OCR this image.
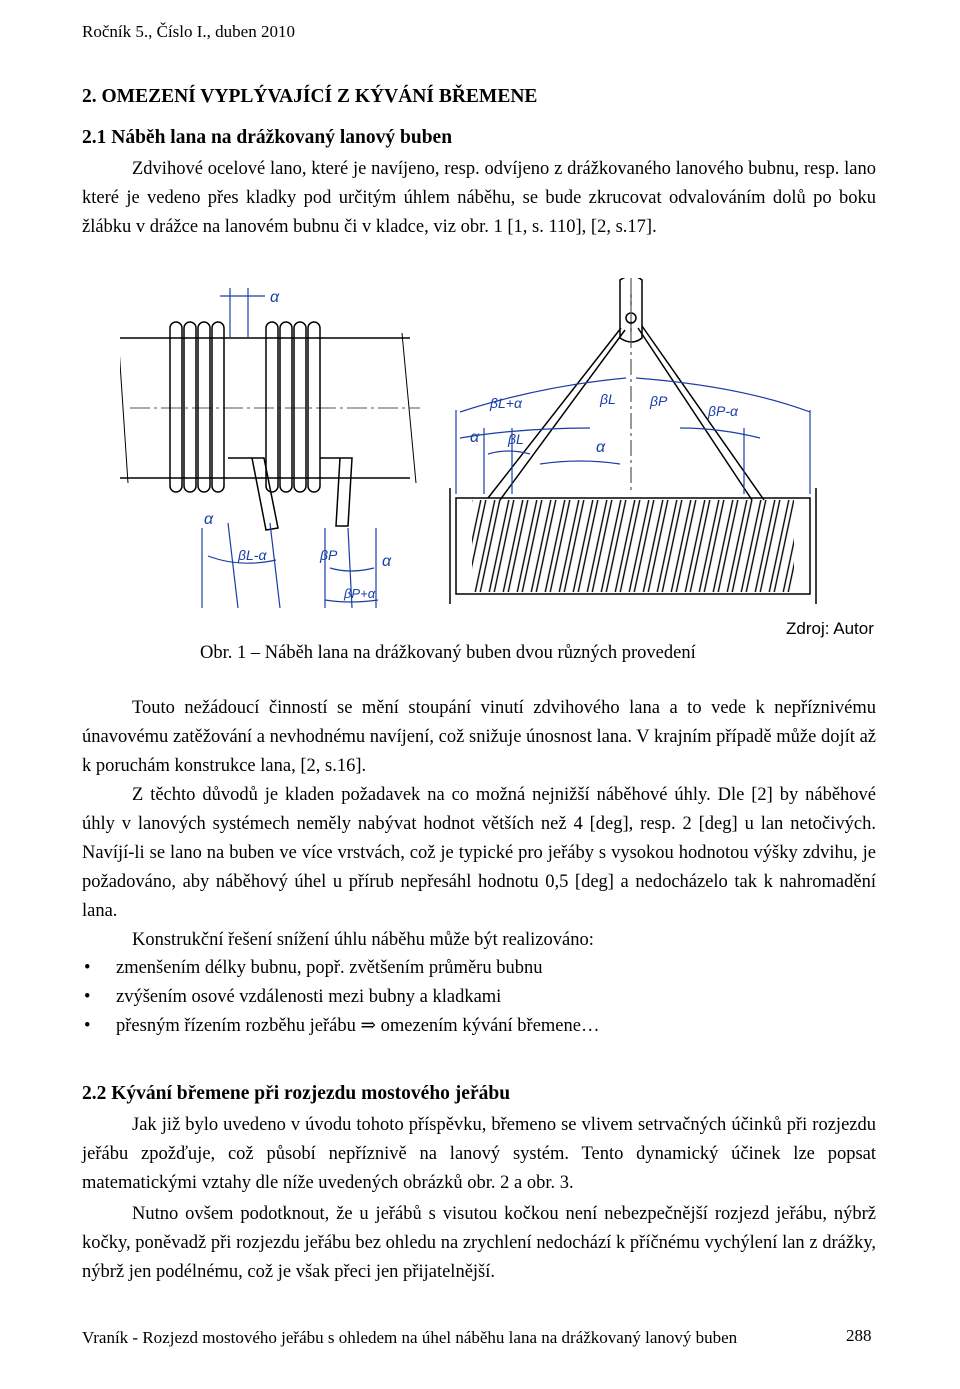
Ročník 5., Číslo I., duben 2010
2. OMEZENÍ VYPLÝVAJÍCÍ Z KÝVÁNÍ BŘEMENE
2.1 Náběh lana na drážkovaný lanový buben

Zdvihové ocelové lano, které je navíjeno, resp. odvíjeno z drážkovaného lanového bubnu, resp. lano které je vedeno přes kladky pod určitým úhlem náběhu, se bude zkrucovat odvalováním dolů po boku žlábku v drážce na lanovém bubnu či v kladce, viz obr. 1 [1, s. 110], [2, s.17].

α
α
βL-α	βP	α
βP+α
βL+α	βL βP
βP-α
α βL	α
Zdroj: Autor
Obr. 1 – Náběh lana na drážkovaný buben dvou různých provedení

Touto nežádoucí činností se mění stoupání vinutí zdvihového lana a to vede k nepříznivému únavovému zatěžování a nevhodnému navíjení, což snižuje únosnost lana. V krajním případě může dojít až k poruchám konstrukce lana, [2, s.16].

Z těchto důvodů je kladen požadavek na co možná nejnižší náběhové úhly. Dle [2] by náběhové úhly v lanových systémech neměly nabývat hodnot větších než 4 [deg], resp. 2 [deg] u lan netočivých. Navíjí-li se lano na buben ve více vrstvách, což je typické pro jeřáby s vysokou hodnotou výšky zdvihu, je požadováno, aby náběhový úhel u přírub nepřesáhl hodnotu 0,5 [deg] a nedocházelo tak k nahromadění lana.

Konstrukční řešení snížení úhlu náběhu může být realizováno:

• zmenšením délky bubnu, popř. zvětšením průměru bubnu
• zvýšením osové vzdálenosti mezi bubny a kladkami
• přesným řízením rozběhu jeřábu ⇒ omezením kývání břemene…
2.2 Kývání břemene při rozjezdu mostového jeřábu

Jak již bylo uvedeno v úvodu tohoto příspěvku, břemeno se vlivem setrvačných účinků při rozjezdu jeřábu zpožďuje, což působí nepříznivě na lanový systém. Tento dynamický účinek lze popsat matematickými vztahy dle níže uvedených obrázků obr. 2 a obr. 3.

Nutno ovšem podotknout, že u jeřábů s visutou kočkou není nebezpečnější rozjezd jeřábu, nýbrž kočky, poněvadž při rozjezdu jeřábu bez ohledu na zrychlení nedochází k příčnému vychýlení lan z drážky, nýbrž jen podélnému, což je však přeci jen přijatelnější.

Vraník - Rozjezd mostového jeřábu s ohledem na úhel náběhu lana na drážkovaný lanový buben	288
